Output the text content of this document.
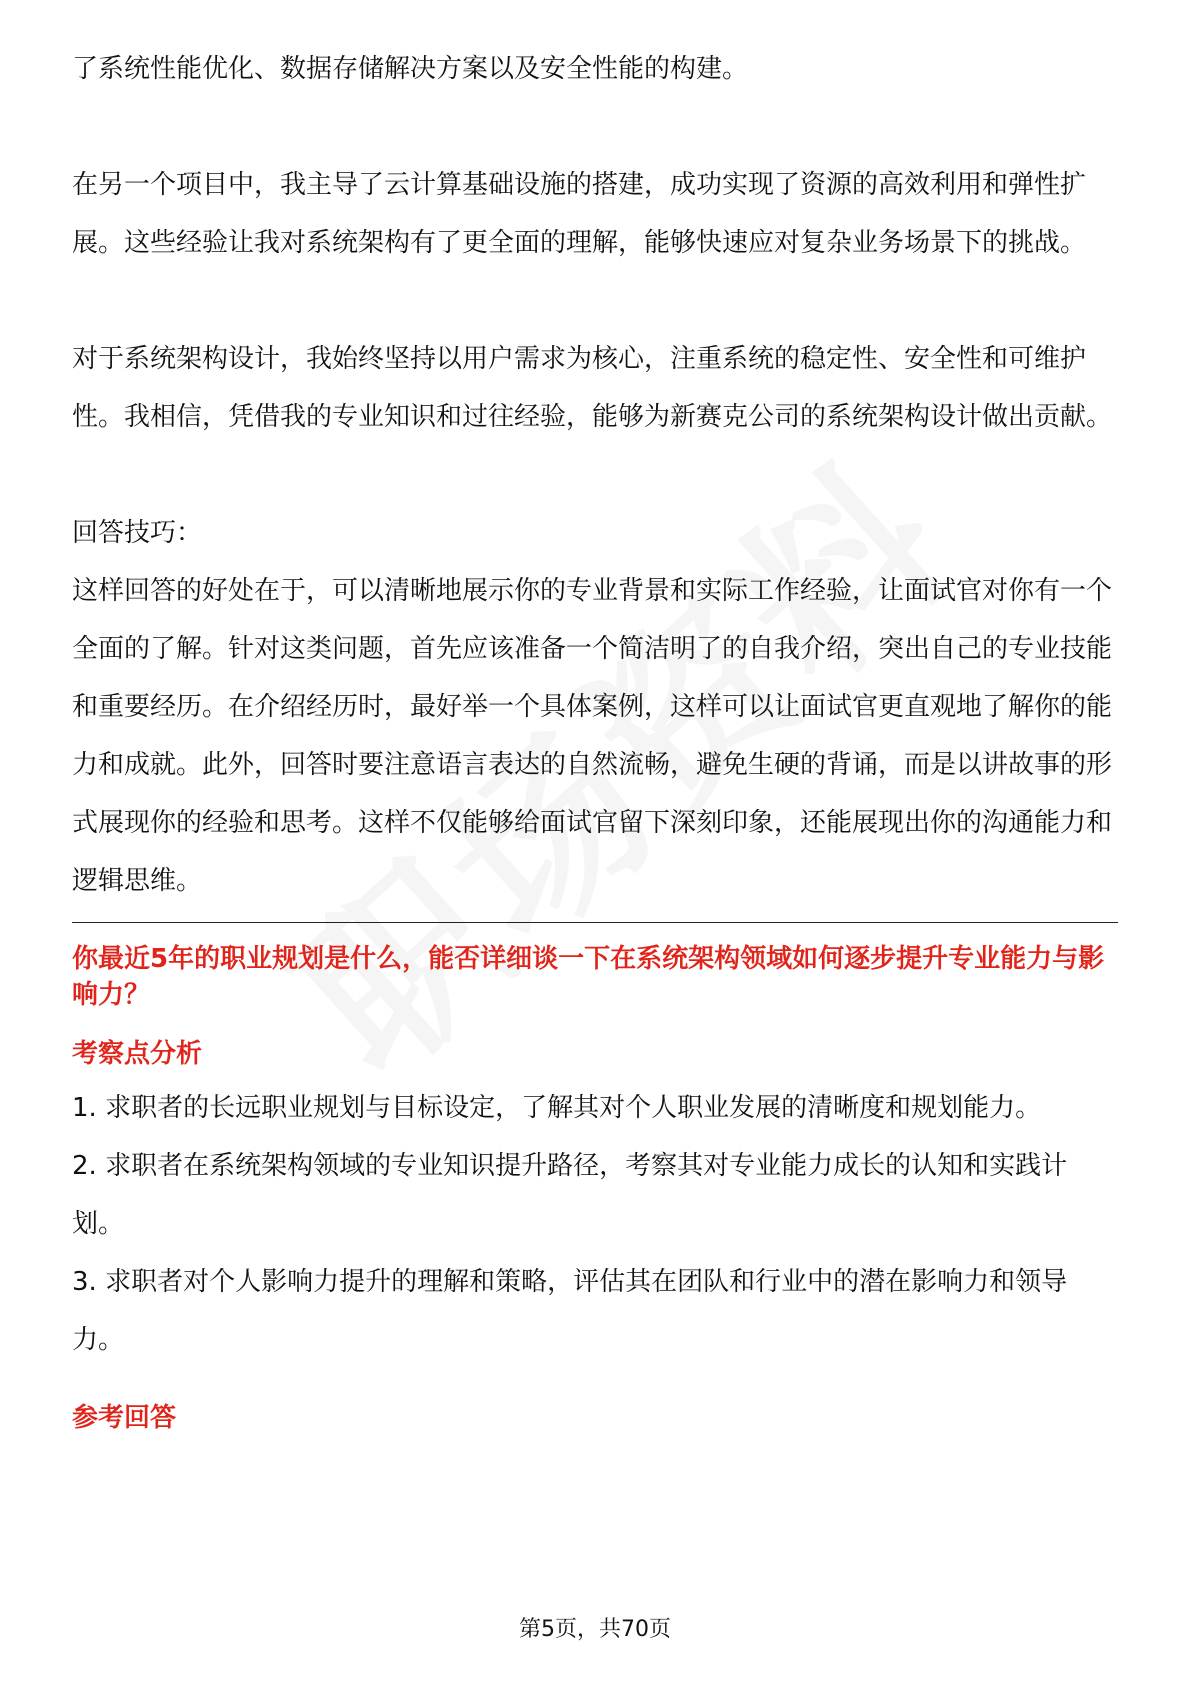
了系统性能优化、数据存储解决方案以及安全性能的构建。

在另一个项目中，我主导了云计算基础设施的搭建，成功实现了资源的高效利用和弹性扩展。这些经验让我对系统架构有了更全面的理解，能够快速应对复杂业务场景下的挑战。

对于系统架构设计，我始终坚持以用户需求为核心，注重系统的稳定性、安全性和可维护性。我相信，凭借我的专业知识和过往经验，能够为新赛克公司的系统架构设计做出贡献。

回答技巧：

这样回答的好处在于，可以清晰地展示你的专业背景和实际工作经验，让面试官对你有一个全面的了解。针对这类问题，首先应该准备一个简洁明了的自我介绍，突出自己的专业技能和重要经历。在介绍经历时，最好举一个具体案例，这样可以让面试官更直观地了解你的能力和成就。此外，回答时要注意语言表达的自然流畅，避免生硬的背诵，而是以讲故事的形式展现你的经验和思考。这样不仅能够给面试官留下深刻印象，还能展现出你的沟通能力和逻辑思维。

你最近5年的职业规划是什么，能否详细谈一下在系统架构领域如何逐步提升专业能力与影响力？

考察点分析

1. 求职者的长远职业规划与目标设定，了解其对个人职业发展的清晰度和规划能力。
2. 求职者在系统架构领域的专业知识提升路径，考察其对专业能力成长的认知和实践计划。
3. 求职者对个人影响力提升的理解和策略，评估其在团队和行业中的潜在影响力和领导力。

参考回答

第5页，共70页
